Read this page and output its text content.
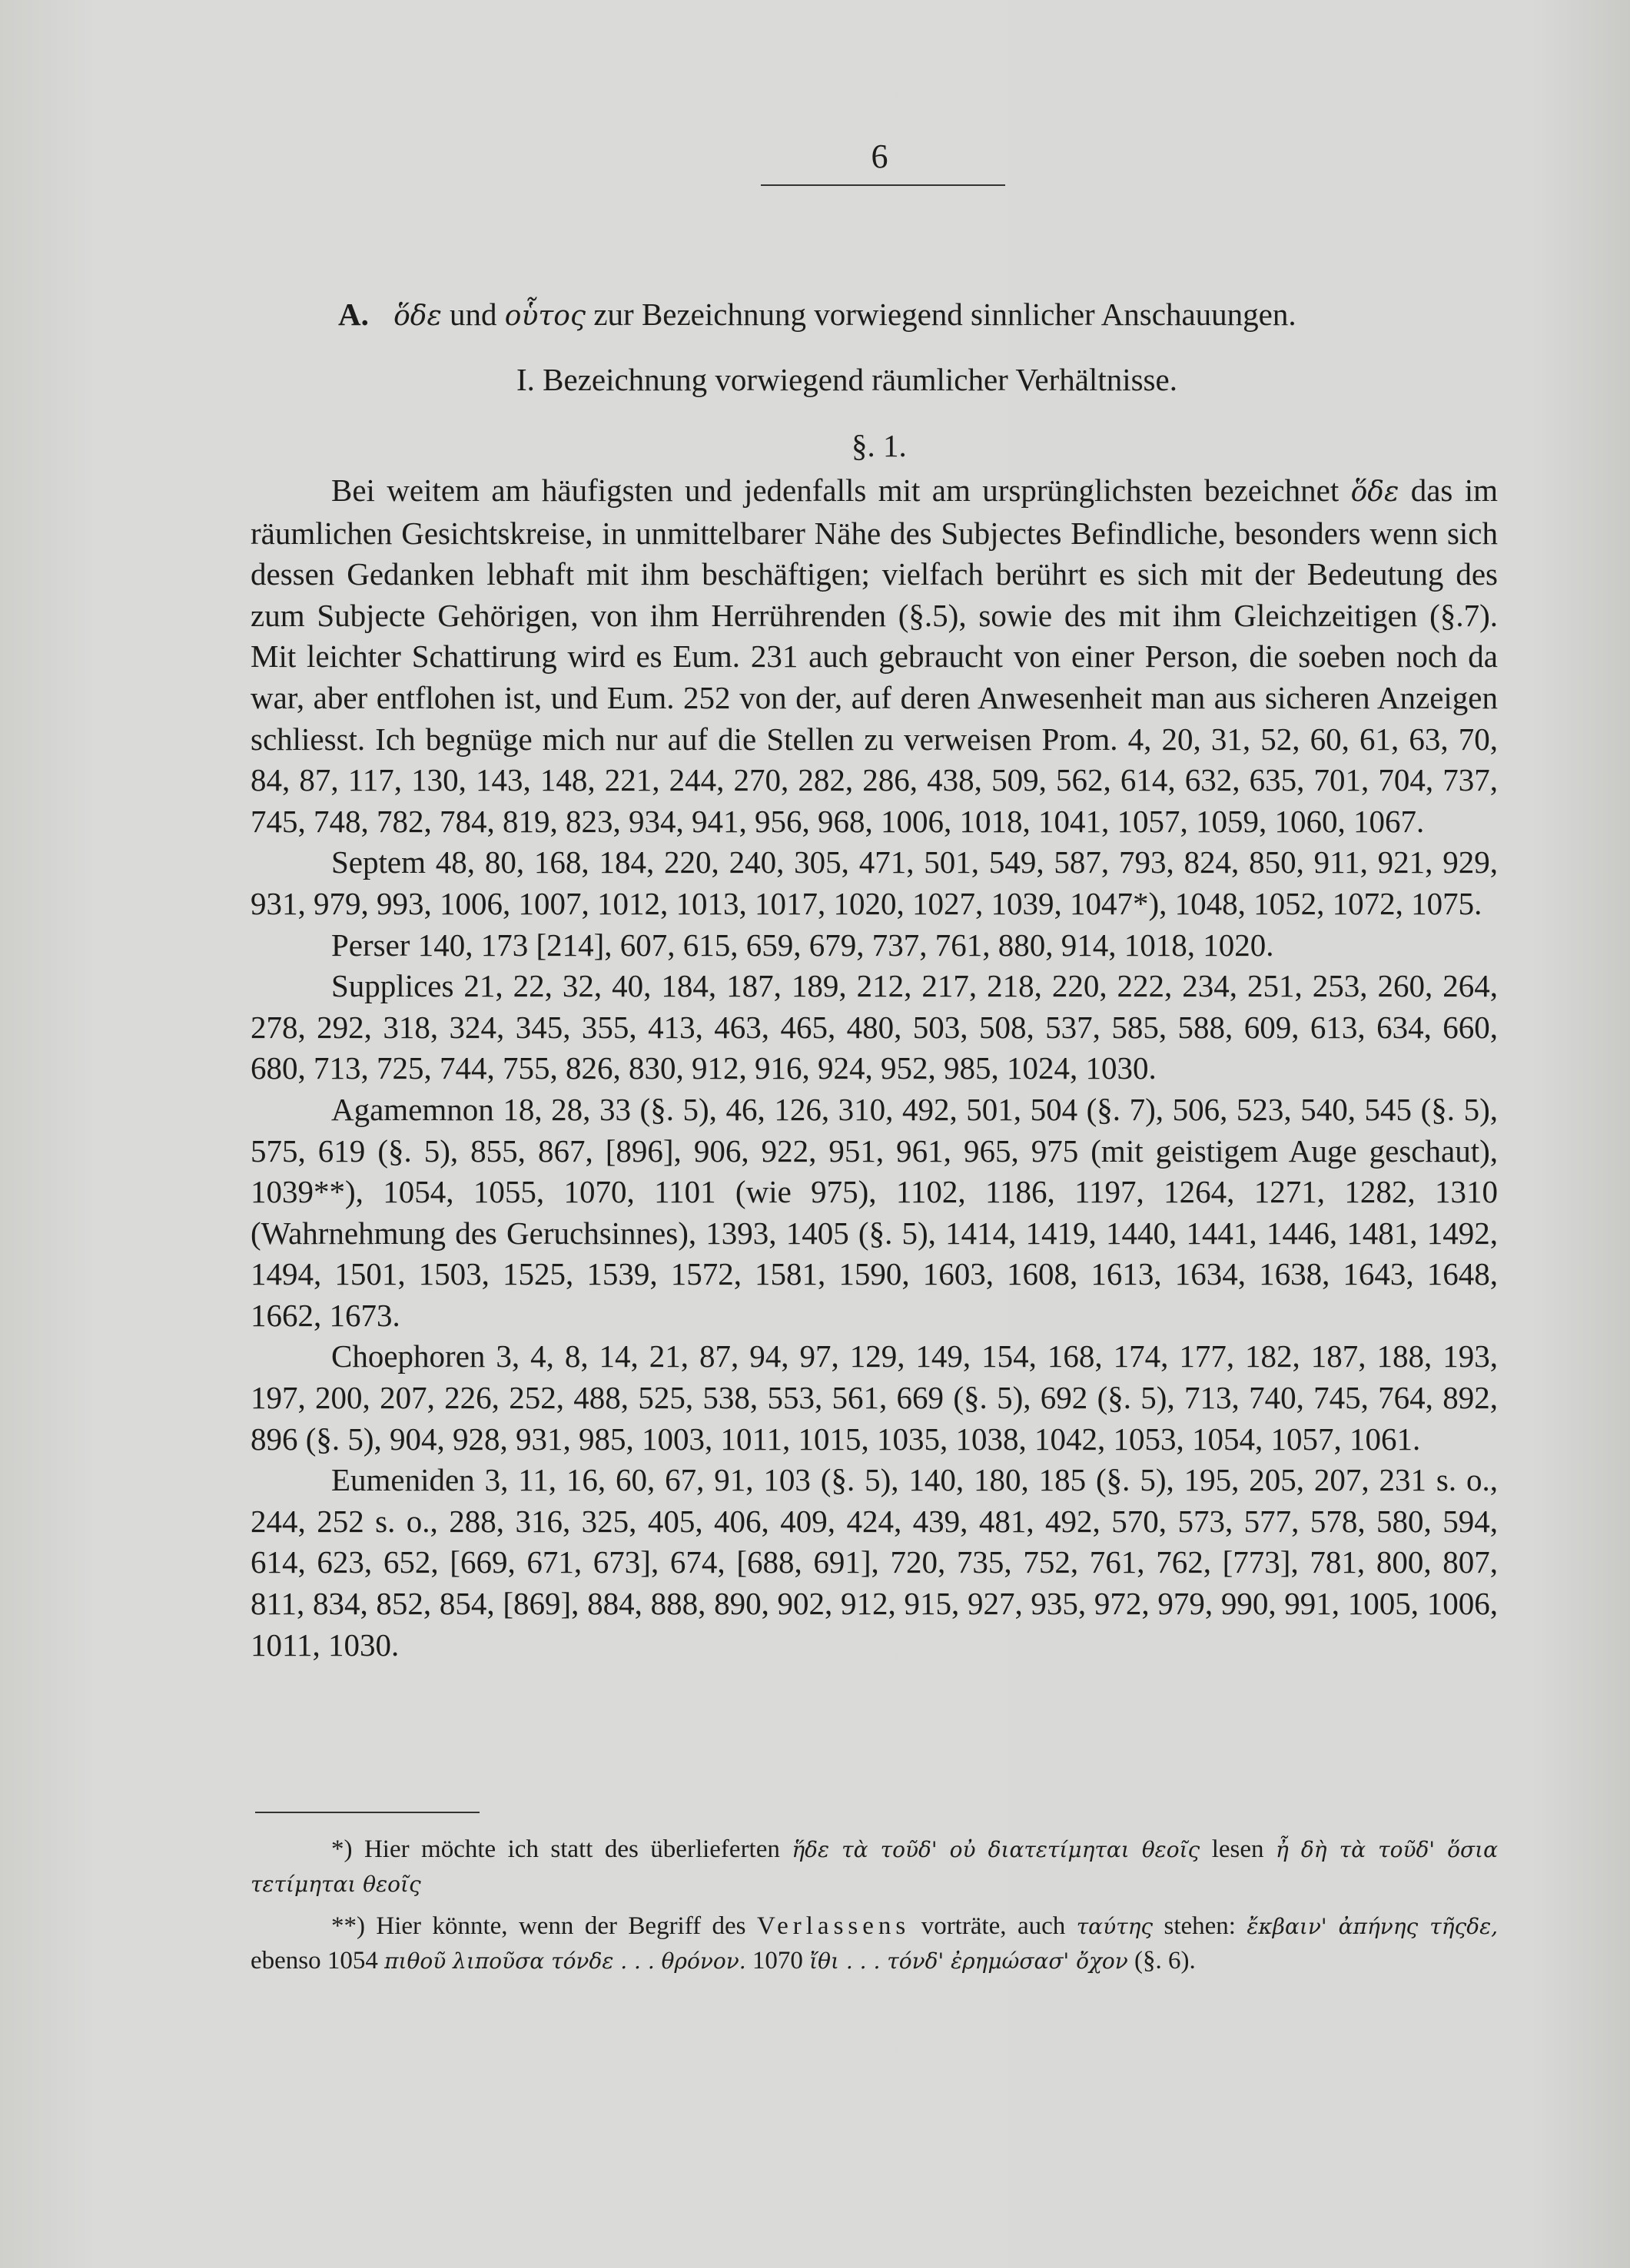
6
A. ὅδε und οὗτος zur Bezeichnung vorwiegend sinnlicher Anschauungen.
I. Bezeichnung vorwiegend räumlicher Verhältnisse.
§. 1.

Bei weitem am häufigsten und jedenfalls mit am ursprünglichsten bezeichnet ὅδε das im räumlichen Gesichtskreise, in unmittelbarer Nähe des Subjectes Befindliche, besonders wenn sich dessen Gedanken lebhaft mit ihm beschäftigen; vielfach berührt es sich mit der Bedeutung des zum Subjecte Gehörigen, von ihm Herrührenden (§.5), sowie des mit ihm Gleichzeitigen (§.7). Mit leichter Schattirung wird es Eum. 231 auch gebraucht von einer Person, die soeben noch da war, aber entflohen ist, und Eum. 252 von der, auf deren Anwesenheit man aus sicheren Anzeigen schliesst. Ich begnüge mich nur auf die Stellen zu verweisen Prom. 4, 20, 31, 52, 60, 61, 63, 70, 84, 87, 117, 130, 143, 148, 221, 244, 270, 282, 286, 438, 509, 562, 614, 632, 635, 701, 704, 737, 745, 748, 782, 784, 819, 823, 934, 941, 956, 968, 1006, 1018, 1041, 1057, 1059, 1060, 1067.

Septem 48, 80, 168, 184, 220, 240, 305, 471, 501, 549, 587, 793, 824, 850, 911, 921, 929, 931, 979, 993, 1006, 1007, 1012, 1013, 1017, 1020, 1027, 1039, 1047*), 1048, 1052, 1072, 1075.

Perser 140, 173 [214], 607, 615, 659, 679, 737, 761, 880, 914, 1018, 1020.

Supplices 21, 22, 32, 40, 184, 187, 189, 212, 217, 218, 220, 222, 234, 251, 253, 260, 264, 278, 292, 318, 324, 345, 355, 413, 463, 465, 480, 503, 508, 537, 585, 588, 609, 613, 634, 660, 680, 713, 725, 744, 755, 826, 830, 912, 916, 924, 952, 985, 1024, 1030.

Agamemnon 18, 28, 33 (§. 5), 46, 126, 310, 492, 501, 504 (§. 7), 506, 523, 540, 545 (§. 5), 575, 619 (§. 5), 855, 867, [896], 906, 922, 951, 961, 965, 975 (mit geistigem Auge geschaut), 1039**), 1054, 1055, 1070, 1101 (wie 975), 1102, 1186, 1197, 1264, 1271, 1282, 1310 (Wahrnehmung des Geruchsinnes), 1393, 1405 (§. 5), 1414, 1419, 1440, 1441, 1446, 1481, 1492, 1494, 1501, 1503, 1525, 1539, 1572, 1581, 1590, 1603, 1608, 1613, 1634, 1638, 1643, 1648, 1662, 1673.

Choephoren 3, 4, 8, 14, 21, 87, 94, 97, 129, 149, 154, 168, 174, 177, 182, 187, 188, 193, 197, 200, 207, 226, 252, 488, 525, 538, 553, 561, 669 (§. 5), 692 (§. 5), 713, 740, 745, 764, 892, 896 (§. 5), 904, 928, 931, 985, 1003, 1011, 1015, 1035, 1038, 1042, 1053, 1054, 1057, 1061.

Eumeniden 3, 11, 16, 60, 67, 91, 103 (§. 5), 140, 180, 185 (§. 5), 195, 205, 207, 231 s. o., 244, 252 s. o., 288, 316, 325, 405, 406, 409, 424, 439, 481, 492, 570, 573, 577, 578, 580, 594, 614, 623, 652, [669, 671, 673], 674, [688, 691], 720, 735, 752, 761, 762, [773], 781, 800, 807, 811, 834, 852, 854, [869], 884, 888, 890, 902, 912, 915, 927, 935, 972, 979, 990, 991, 1005, 1006, 1011, 1030.

*) Hier möchte ich statt des überlieferten ἥδε τὰ τοῦδ' οὐ διατετίμηται θεοῖς lesen ἦ δὴ τὰ τοῦδ' ὅσια τετίμηται θεοῖς

**) Hier könnte, wenn der Begriff des Verlassens vorträte, auch ταύτης stehen: ἔκβαιν' ἀπήνης τῆςδε, ebenso 1054 πιθοῦ λιποῦσα τόνδε . . . θρόνον. 1070 ἴθι . . . τόνδ' ἐρημώσασ' ὄχον (§. 6).
